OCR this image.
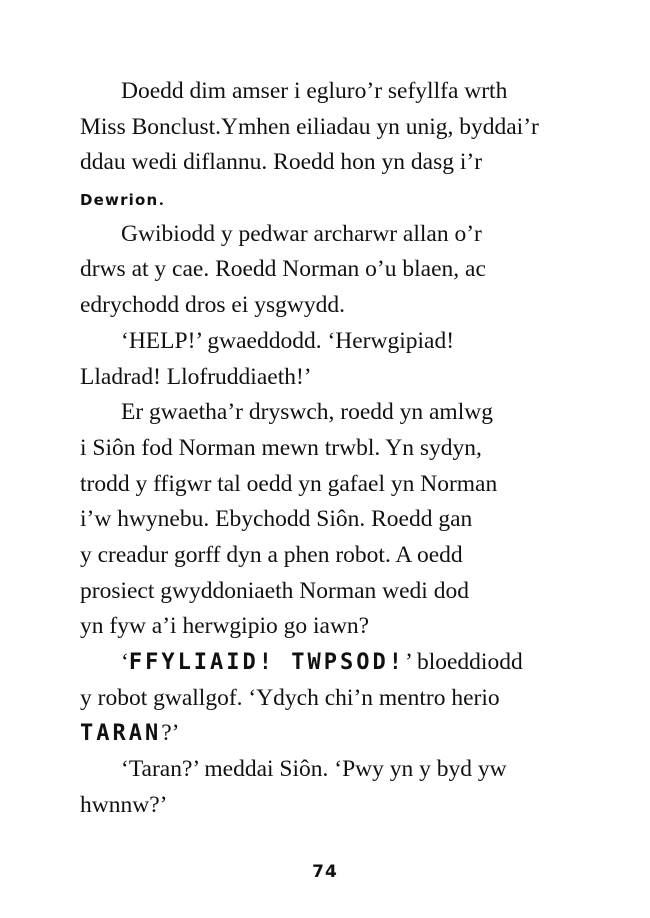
Doedd dim amser i egluro’r sefyllfa wrth
Miss Bonclust.Ymhen eiliadau yn unig, byddai’r
ddau wedi diflannu. Roedd hon yn dasg i’r
Dewrion.
Gwibiodd y pedwar archarwr allan o’r
drws at y cae. Roedd Norman o’u blaen, ac
edrychodd dros ei ysgwydd.
‘HELP!’ gwaeddodd. ‘Herwgipiad!
Lladrad! Llofruddiaeth!’
Er gwaetha’r dryswch, roedd yn amlwg
i Siôn fod Norman mewn trwbl. Yn sydyn,
trodd y ffigwr tal oedd yn gafael yn Norman
i’w hwynebu. Ebychodd Siôn. Roedd gan
y creadur gorff dyn a phen robot. A oedd
prosiect gwyddoniaeth Norman wedi dod
yn fyw a’i herwgipio go iawn?
‘FFYLIAID! TWPSOD!’ bloeddiodd
y robot gwallgof. ‘Ydych chi’n mentro herio
TARAN?’
‘Taran?’ meddai Siôn. ‘Pwy yn y byd yw
hwnnw?’
74
